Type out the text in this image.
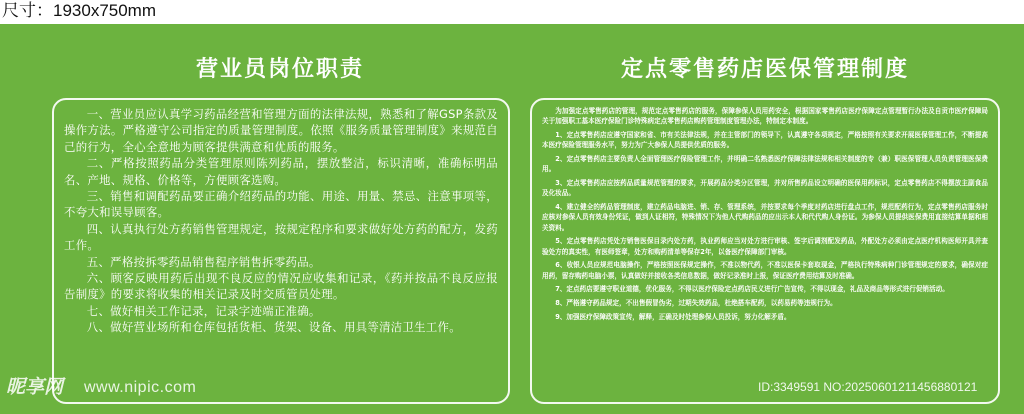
尺寸：1930x750mm
营业员岗位职责	定点零售药店医保管理制度

一、营业员应认真学习药品经营和管理方面的法律法规，熟悉和了解GSP条款及操作方法。严格遵守公司指定的质量管理制度。依照《服务质量管理制度》来规范自己的行为，全心全意地为顾客提供满意和优质的服务。

二、严格按照药品分类管理原则陈列药品，摆放整洁，标识清晰，准确标明品名、产地、规格、价格等，方便顾客选购。

三、销售和调配药品要正确介绍药品的功能、用途、用量、禁忌、注意事项等，不夸大和误导顾客。

四、认真执行处方药销售管理规定，按规定程序和要求做好处方药的配方，发药工作。

五、严格按拆零药品销售程序销售拆零药品。

六、顾客反映用药后出现不良反应的情况应收集和记录，《药并按品不良反应报告制度》的要求将收集的相关记录及时交质管员处理。

七、做好相关工作记录，记录字迹端正准确。

八、做好营业场所和仓库包括货柜、货架、设备、用具等清洁卫生工作。

为加强定点零售药店的管理，规范定点零售药店的服务，保障参保人员用药安全，根据国家零售药店医疗保障定点管理暂行办法及自贡市医疗保障局关于加强职工基本医疗保险门诊特殊病定点零售药店购药管理制度管理办法，特制定本制度。

1、定点零售药店应遵守国家和省、市有关法律法规，并在主管部门的领导下，认真遵守各项规定，严格按照有关要求开展医保管理工作，不断提高本医疗保险管理服务水平，努力为广大参保人员提供优质的服务。

2、定点零售药店主要负责人全面管理医疗保险管理工作，并明确二名熟悉医疗保障法律法规和相关制度的专（兼）职医保管理人员负责管理医保费用。

3、定点零售药店应按药品质量规范管理的要求，开展药品分类分区管理，并对所售药品设立明确的医保用药标识，定点零售药店不得摆放主副食品及化妆品。

4、建立健全的药品管理制度，建立药品电脑进、销、存、管理系统，并按要求每个季度对药店进行盘点工作，规范配药行为，定点零售药店服务时应核对参保人员有效身份凭证，做到人证相符，特殊情况下为他人代购药品的应出示本人和代代购人身份证。为参保人员提供医保费用直接结算单据和相关资料。

5、定点零售药店凭处方销售医保目录内处方药，执业药师应当对处方进行审核、签字后调剂配发药品，外配处方必须由定点医疗机构医师开具并查验处方的真实性，有医师签章，处方和购药清单等保存2年，以备医疗保障部门审核。

6、收银人员应规范电脑操作，严格按照医保规定操作，不准以物代药，不准以医保卡套取现金，严格执行特殊病种门诊管理规定的要求，确保对症用药，留存购药电脑小票，认真做好并接收各类信息数据，做好记录准时上报，保证医疗费用结算及时准确。

7、定点药店要遵守职业道德，优化服务，不得以医疗保险定点药店民义进行广告宣传，不得以现金，礼品及商品等形式进行促销活动。

8、严格遵守药品规定，不出售假冒伪劣，过期失效药品，杜绝搭车配药，以药易药等违规行为。

9、加强医疗保障政策宣传，解释，正确及时处理参保人员投诉，努力化解矛盾。

昵享网 www.nipic.com	ID:3349591 NO:20250601211456880121
